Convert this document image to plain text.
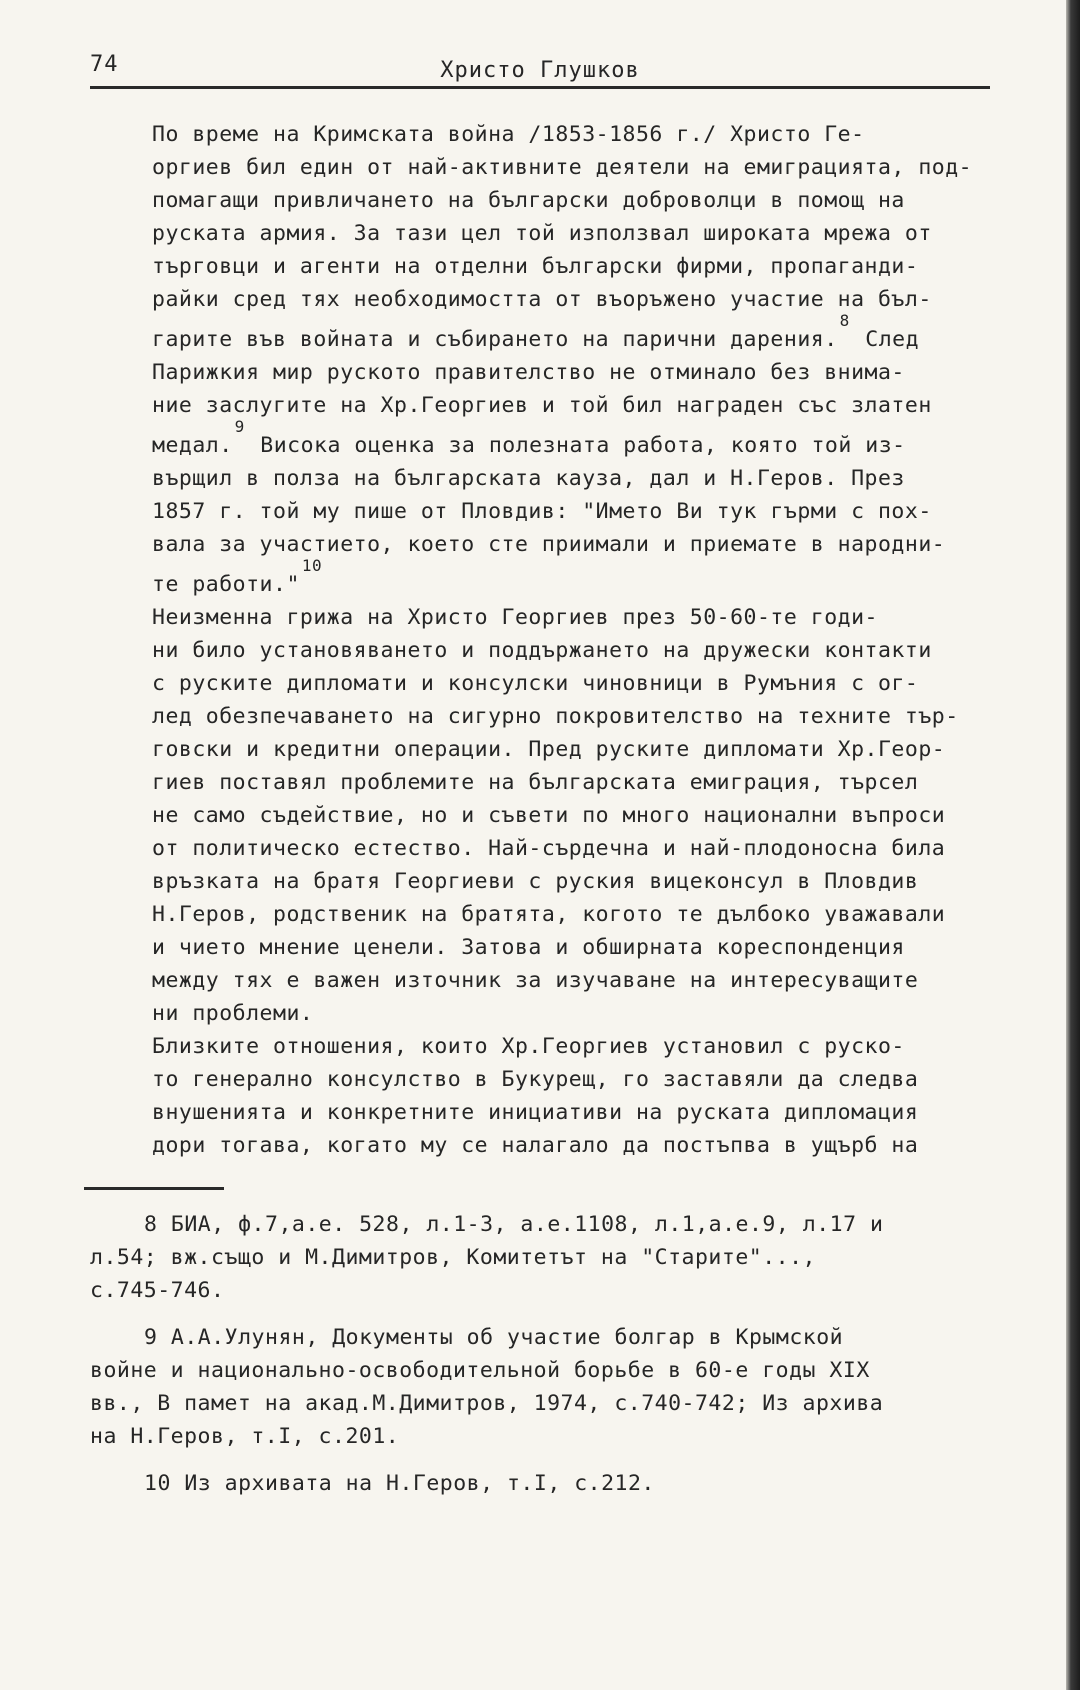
74	Христо Глушков

По време на Кримската война /1853-1856 г./ Христо Ге-
оргиев бил един от най-активните деятели на емиграцията, под-
помагащи привличането на български доброволци в помощ на
руската армия. За тази цел той използвал широката мрежа от
търговци и агенти на отделни български фирми, пропаганди-
райки сред тях необходимостта от въоръжено участие на бъл-
гарите във войната и събирането на парични дарения.$^8$ След
Парижкия мир руското правителство не отминало без внима-
ние заслугите на Хр.Георгиев и той бил награден със златен
медал.$^9$ Висока оценка за полезната работа, която той из-
върщил в полза на българската кауза, дал и Н.Геров. През
1857 г. той му пише от Пловдив: "Името Ви тук гърми с пох-
вала за участието, което сте приимали и приемате в народни-
те работи."$^{10}$

Неизменна грижа на Христо Георгиев през 50-60-те годи-
ни било установяването и поддържането на дружески контакти
с руските дипломати и консулски чиновници в Румъния с ог-
лед обезпечаването на сигурно покровителство на техните тър-
говски и кредитни операции. Пред руските дипломати Хр.Геор-
гиев поставял проблемите на българската емиграция, търсел
не само съдействие, но и съвети по много национални въпроси
от политическо естество. Най-сърдечна и най-плодоносна била
връзката на братя Георгиеви с руския вицеконсул в Пловдив
Н.Геров, родственик на братята, когото те дълбоко уважавали
и чието мнение ценели. Затова и обширната кореспонденция
между тях е важен източник за изучаване на интересуващите
ни проблеми.

Близките отношения, които Хр.Георгиев установил с руско-
то генерално консулство в Букурещ, го заставяли да следва
внушенията и конкретните инициативи на руската дипломация
дори тогава, когато му се налагало да постъпва в ущърб на

8 БИА, ф.7,а.е. 528, л.1-3, а.е.1108, л.1,а.е.9, л.17 и
л.54; вж.също и М.Димитров, Комитетът на "Старите"...,
с.745-746.
9 А.А.Улунян, Документы об участие болгар в Крымской
войне и национально-освободительной борьбе в 60-е годы XIX
вв., В памет на акад.М.Димитров, 1974, с.740-742; Из архива
на Н.Геров, т.I, с.201.
10 Из архивата на Н.Геров, т.I, с.212.
